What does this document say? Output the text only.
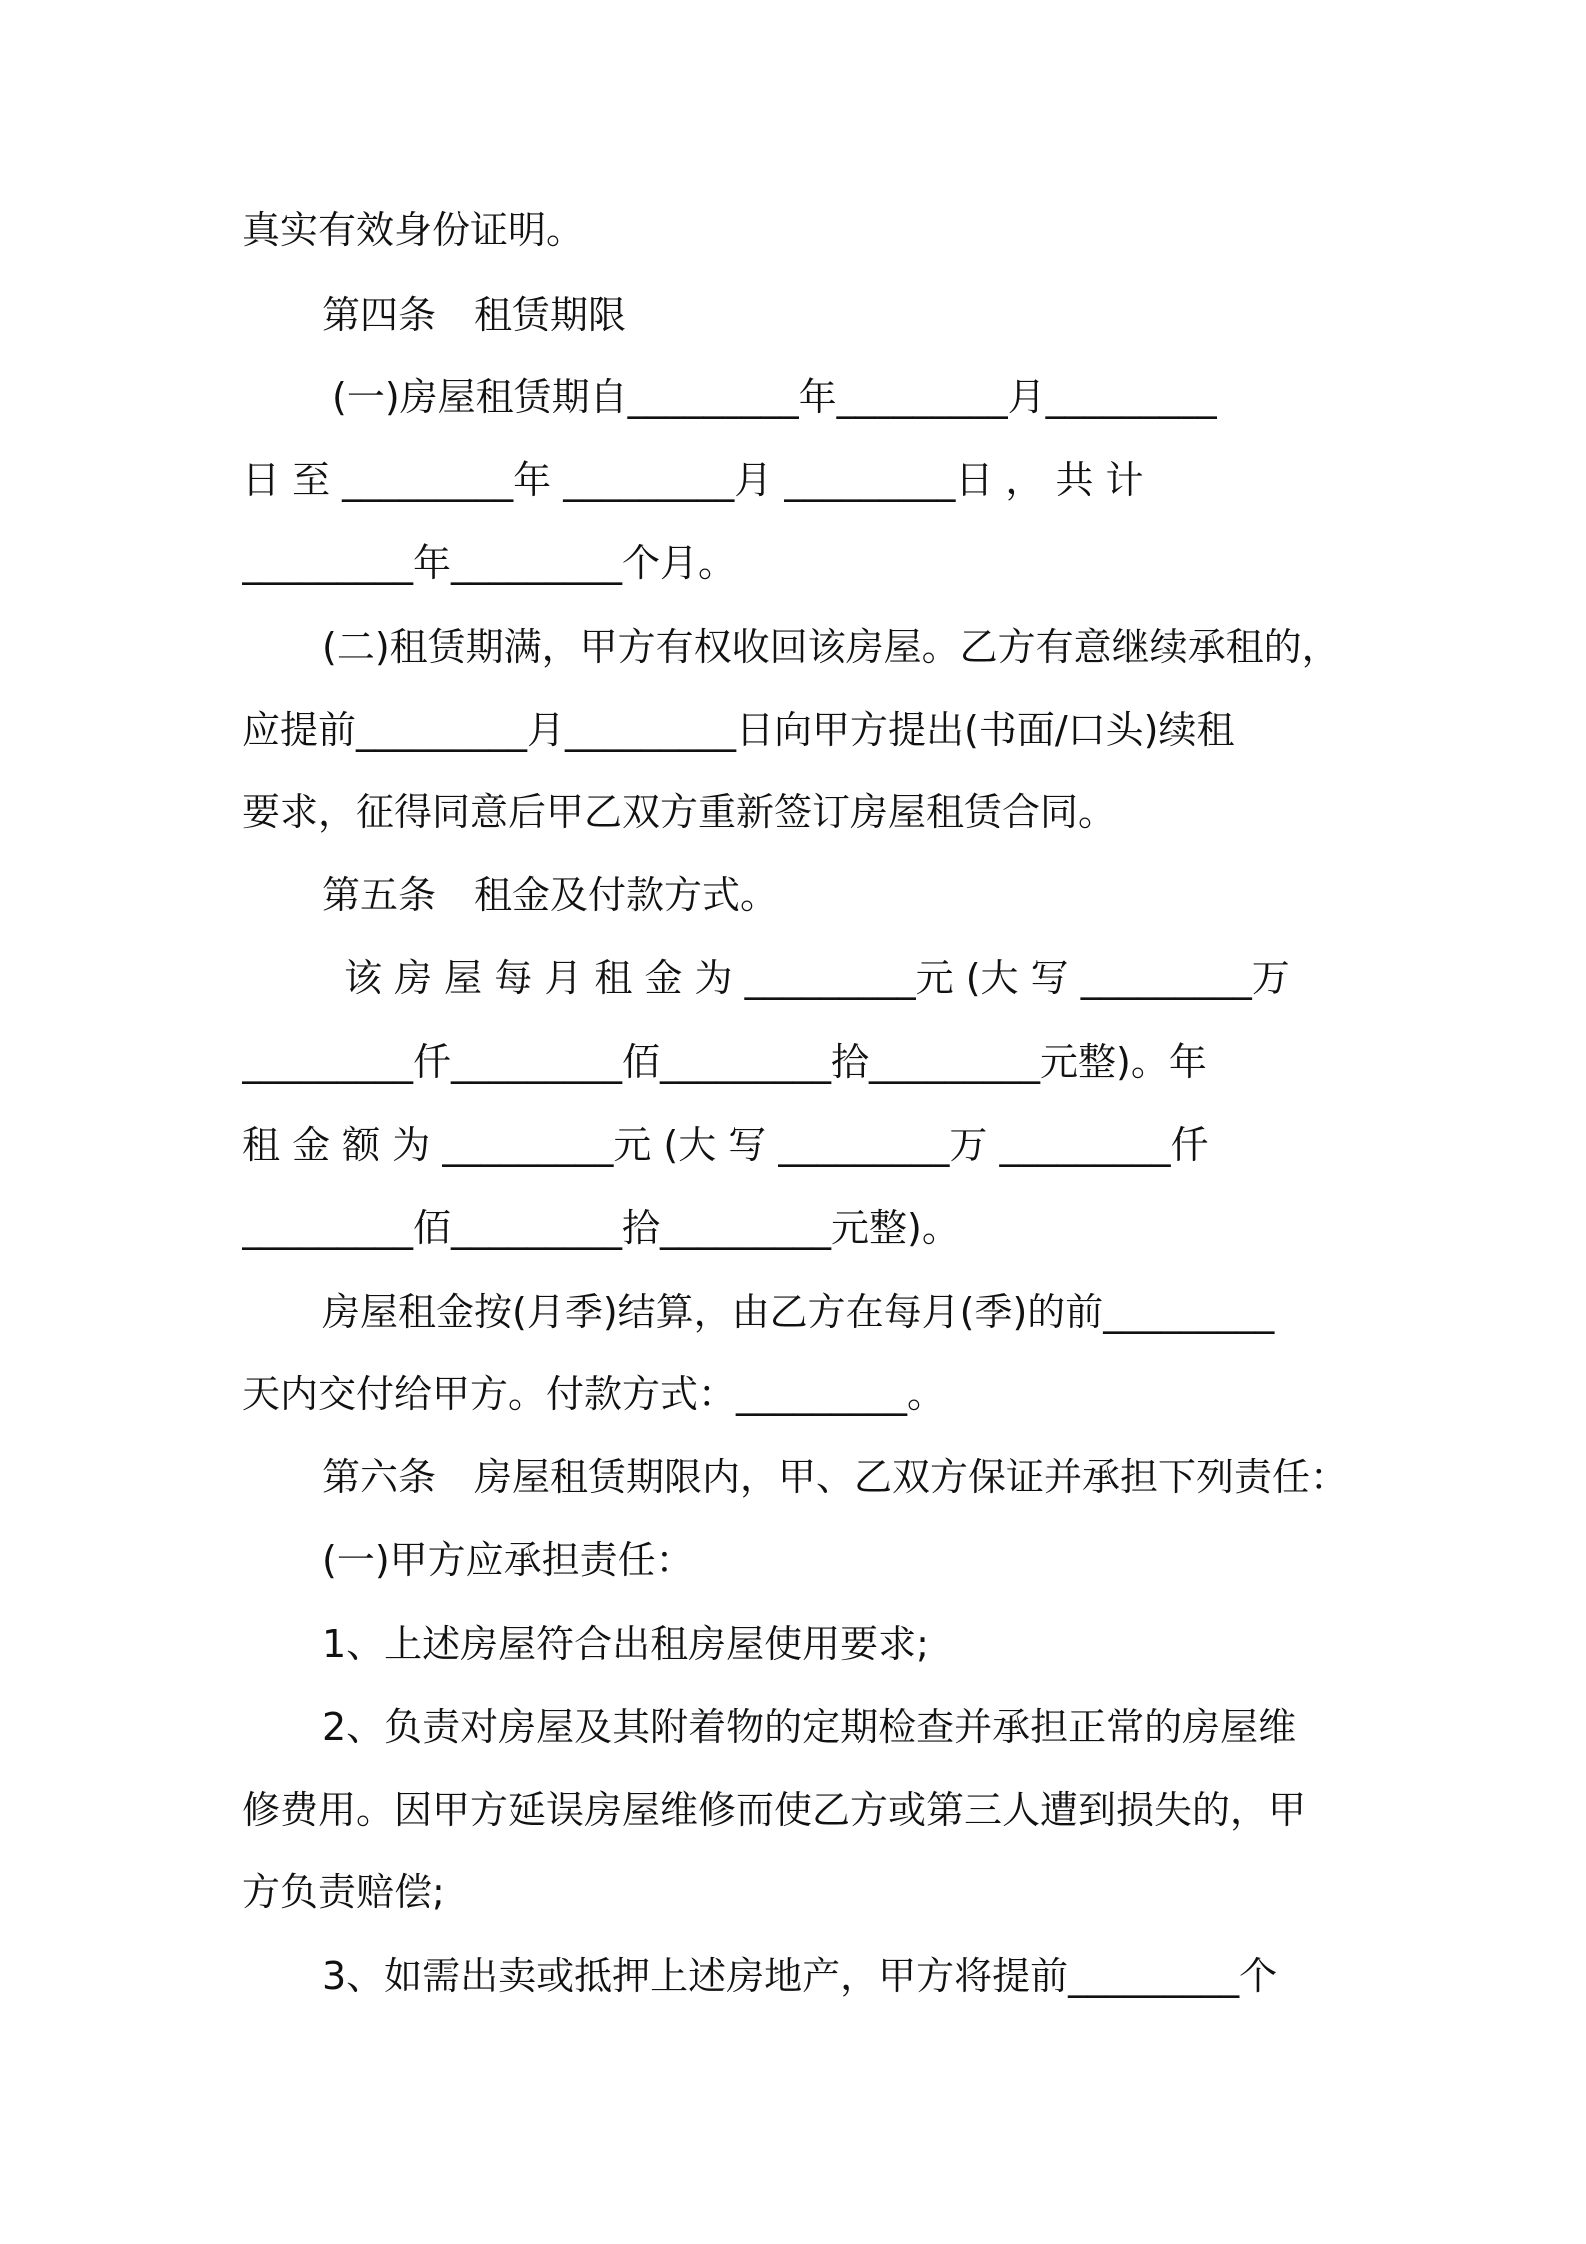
真实有效身份证明。
第四条　租赁期限
(一)房屋租赁期自_________年_________月_________
日 至 _________年 _________月 _________日 ， 共 计
_________年_________个月。
(二)租赁期满，甲方有权收回该房屋。乙方有意继续承租的，
应提前_________月_________日向甲方提出(书面/口头)续租
要求，征得同意后甲乙双方重新签订房屋租赁合同。
第五条　租金及付款方式。
该 房 屋 每 月 租 金 为 _________元 (大 写 _________万
_________仟_________佰_________拾_________元整)。年
租 金 额 为 _________元 (大 写 _________万 _________仟
_________佰_________拾_________元整)。
房屋租金按(月季)结算，由乙方在每月(季)的前_________
天内交付给甲方。付款方式：_________。
第六条　房屋租赁期限内，甲、乙双方保证并承担下列责任：
(一)甲方应承担责任：
1、上述房屋符合出租房屋使用要求;
2、负责对房屋及其附着物的定期检查并承担正常的房屋维
修费用。因甲方延误房屋维修而使乙方或第三人遭到损失的，甲
方负责赔偿;
3、如需出卖或抵押上述房地产，甲方将提前_________个
